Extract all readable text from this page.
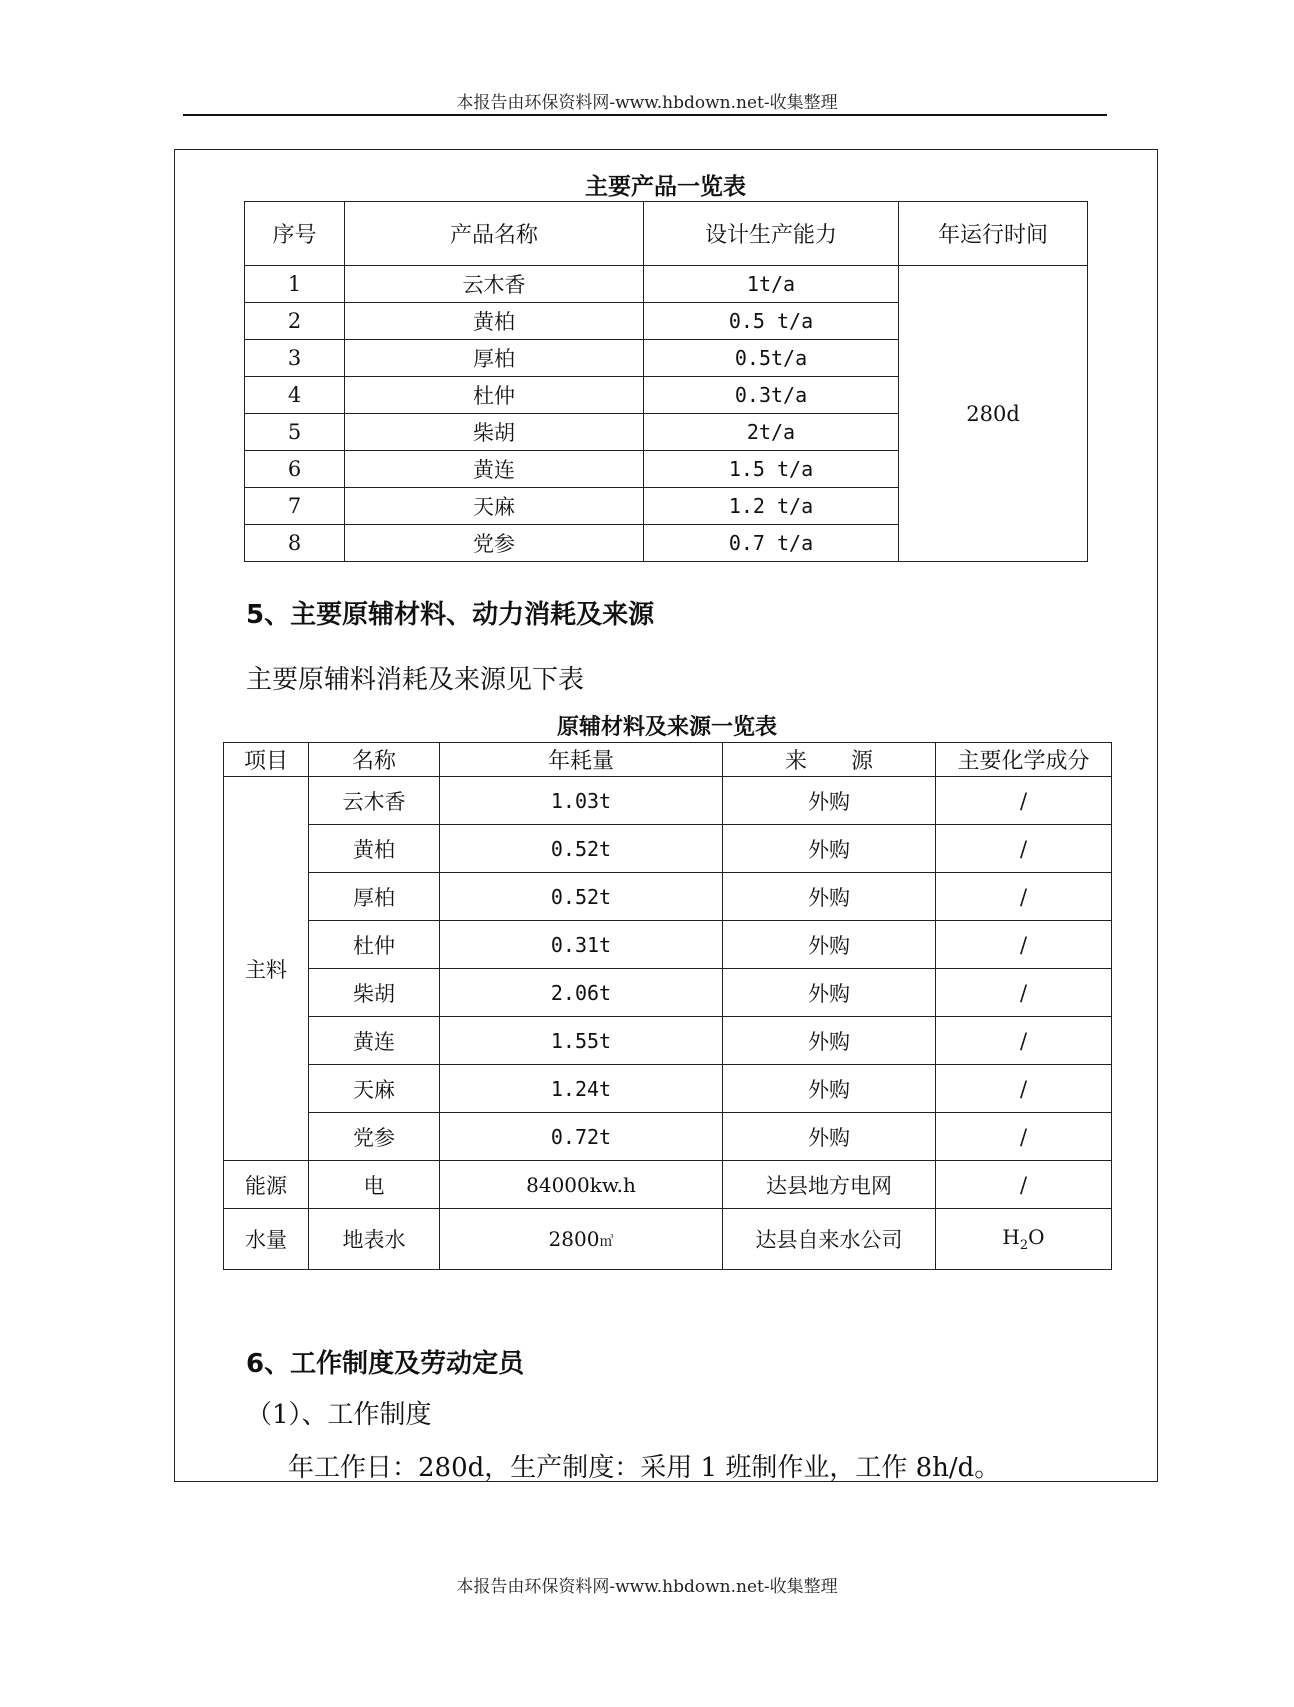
本报告由环保资料网-www.hbdown.net-收集整理
主要产品一览表
序号	产品名称	设计生产能力	年运行时间
1	云木香	1t/a	280d
2	黄柏	0.5 t/a	
3	厚柏	0.5t/a	
4	杜仲	0.3t/a	
5	柴胡	2t/a	
6	黄连	1.5 t/a	
7	天麻	1.2 t/a	
8	党参	0.7 t/a	
5、主要原辅材料、动力消耗及来源
主要原辅料消耗及来源见下表
原辅材料及来源一览表
项目	名称	年耗量	来　　源	主要化学成分
主料	云木香	1.03t	外购	/
	黄柏	0.52t	外购	/
	厚柏	0.52t	外购	/
	杜仲	0.31t	外购	/
	柴胡	2.06t	外购	/
	黄连	1.55t	外购	/
	天麻	1.24t	外购	/
	党参	0.72t	外购	/
能源	电	84000kw.h	达县地方电网	/
水量	地表水	2800㎥	达县自来水公司	$H_2O$
6、工作制度及劳动定员
（1）、工作制度
年工作日：280d，生产制度：采用 1 班制作业，工作 8h/d。
本报告由环保资料网-www.hbdown.net-收集整理
